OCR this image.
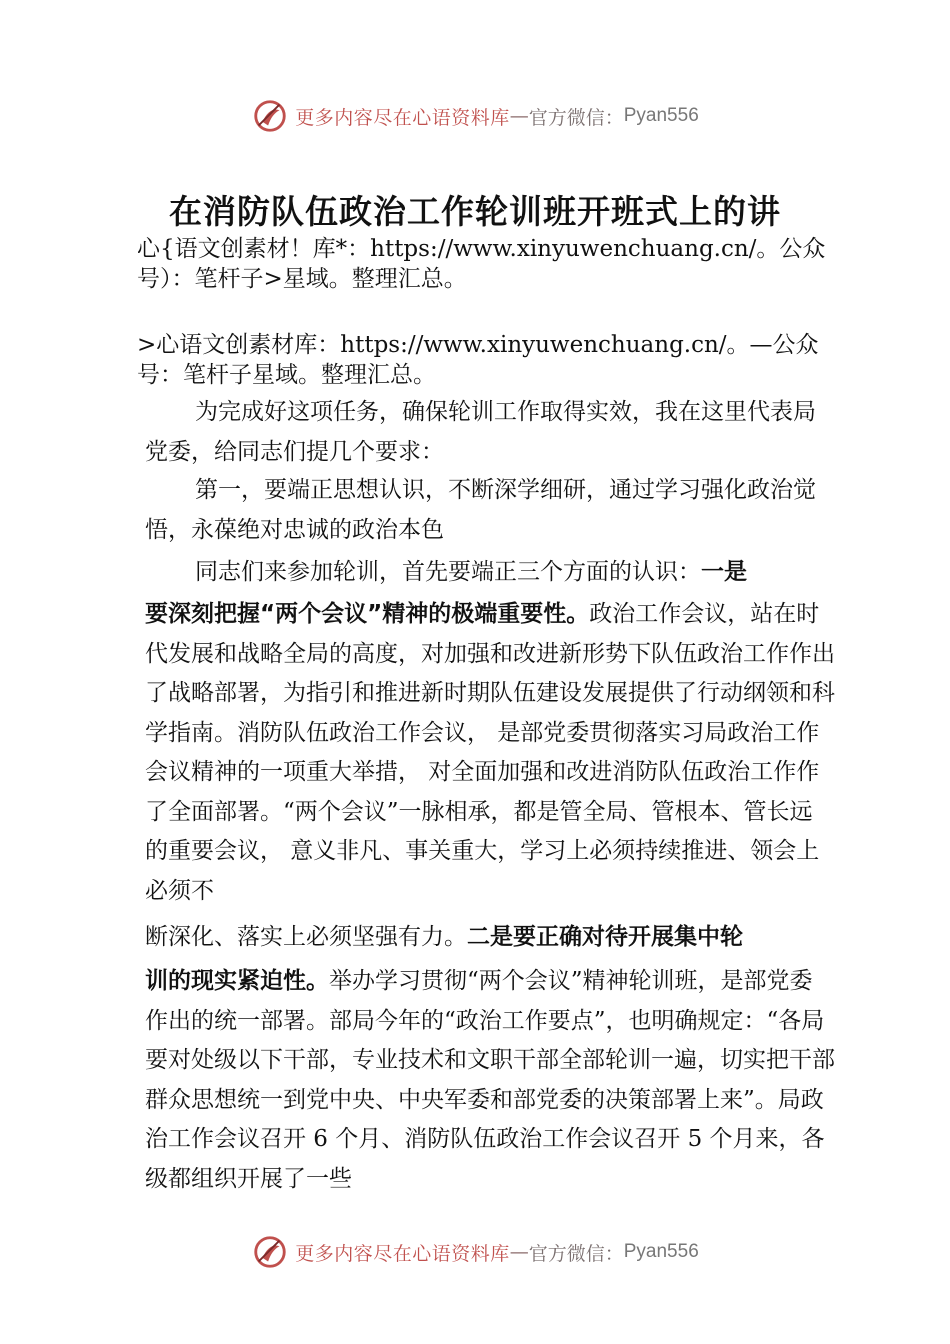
更多内容尽在心语资料库 — 官方微信： Pyan556
在消防队伍政治工作轮训班开班式上的讲
心{语文创素材！库*：https://www.xinyuwenchuang.cn/。公众号）：笔杆子>星域。整理汇总。
>心语文创素材库：https://www.xinyuwenchuang.cn/。—公众号：笔杆子星域。整理汇总。

为完成好这项任务，确保轮训工作取得实效，我在这里代表局党委，给同志们提几个要求：

第一，要端正思想认识，不断深学细研，通过学习强化政治觉悟，永葆绝对忠诚的政治本色

同志们来参加轮训，首先要端正三个方面的认识：一是

要深刻把握“两个会议”精神的极端重要性。政治工作会议，站在时代发展和战略全局的高度，对加强和改进新形势下队伍政治工作作出了战略部署，为指引和推进新时期队伍建设发展提供了行动纲领和科学指南。消防队伍政治工作会议， 是部党委贯彻落实习局政治工作会议精神的一项重大举措， 对全面加强和改进消防队伍政治工作作了全面部署。“两个会议”一脉相承，都是管全局、管根本、管长远的重要会议， 意义非凡、事关重大，学习上必须持续推进、领会上必须不

断深化、落实上必须坚强有力。二是要正确对待开展集中轮

训的现实紧迫性。举办学习贯彻“两个会议”精神轮训班，是部党委作出的统一部署。部局今年的“政治工作要点”，也明确规定：“各局要对处级以下干部，专业技术和文职干部全部轮训一遍，切实把干部群众思想统一到党中央、中央军委和部党委的决策部署上来”。局政治工作会议召开 6 个月、消防队伍政治工作会议召开 5 个月来，各级都组织开展了一些

更多内容尽在心语资料库 — 官方微信： Pyan556
